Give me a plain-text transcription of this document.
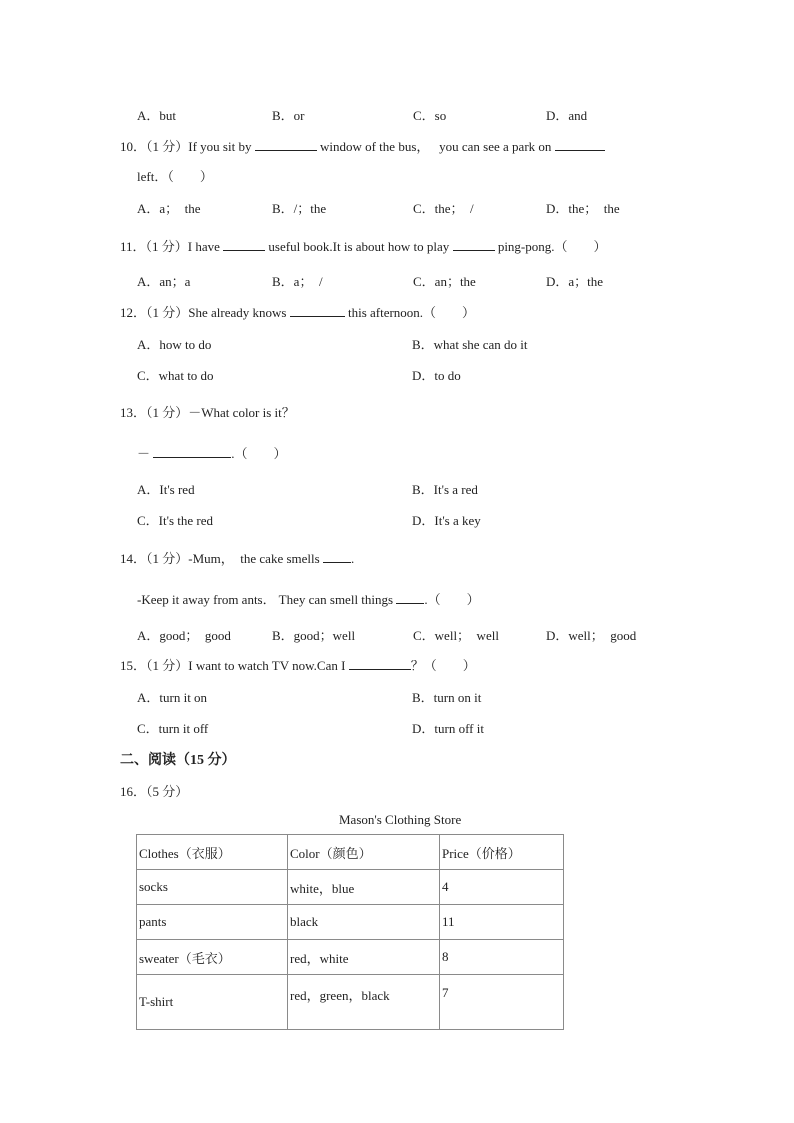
A．but	B．or	C．so	D．and
10．（1 分）If you sit by	window of the bus， you can see a park on
left．（　　）
A．a；　the	B．/；the	C．the；　/	D．the；　the
11．（1 分）I have	useful book.It is about how to play	ping-pong.（　　）
A．an；a	B．a；　/	C．an；the	D．a；the
12．（1 分）She already knows	this afternoon.（　　）
A．how to do	B．what she can do it
C．what to do	D．to do
13．（1 分）－What color is it？
－	.（　　）
A．It's red	B．It's a red
C．It's the red	D．It's a key
14．（1 分）-Mum，　the cake smells .
-Keep it away from ants． They can smell things .（　　）
A．good；　good	B．good；well	C．well；　well	D．well；　good
15．（1 分）I want to watch TV now.Can I	？（　　）
A．turn it on	B．turn on it
C．turn it off	D．turn off it
二、阅读（15 分）
16．（5 分）
Mason's Clothing Store
Clothes（衣服）	Color（颜色）	Price（价格）
socks	white，blue	4
pants	black	11
sweater（毛衣）	red，white	8
T-shirt	red，green，black	7
